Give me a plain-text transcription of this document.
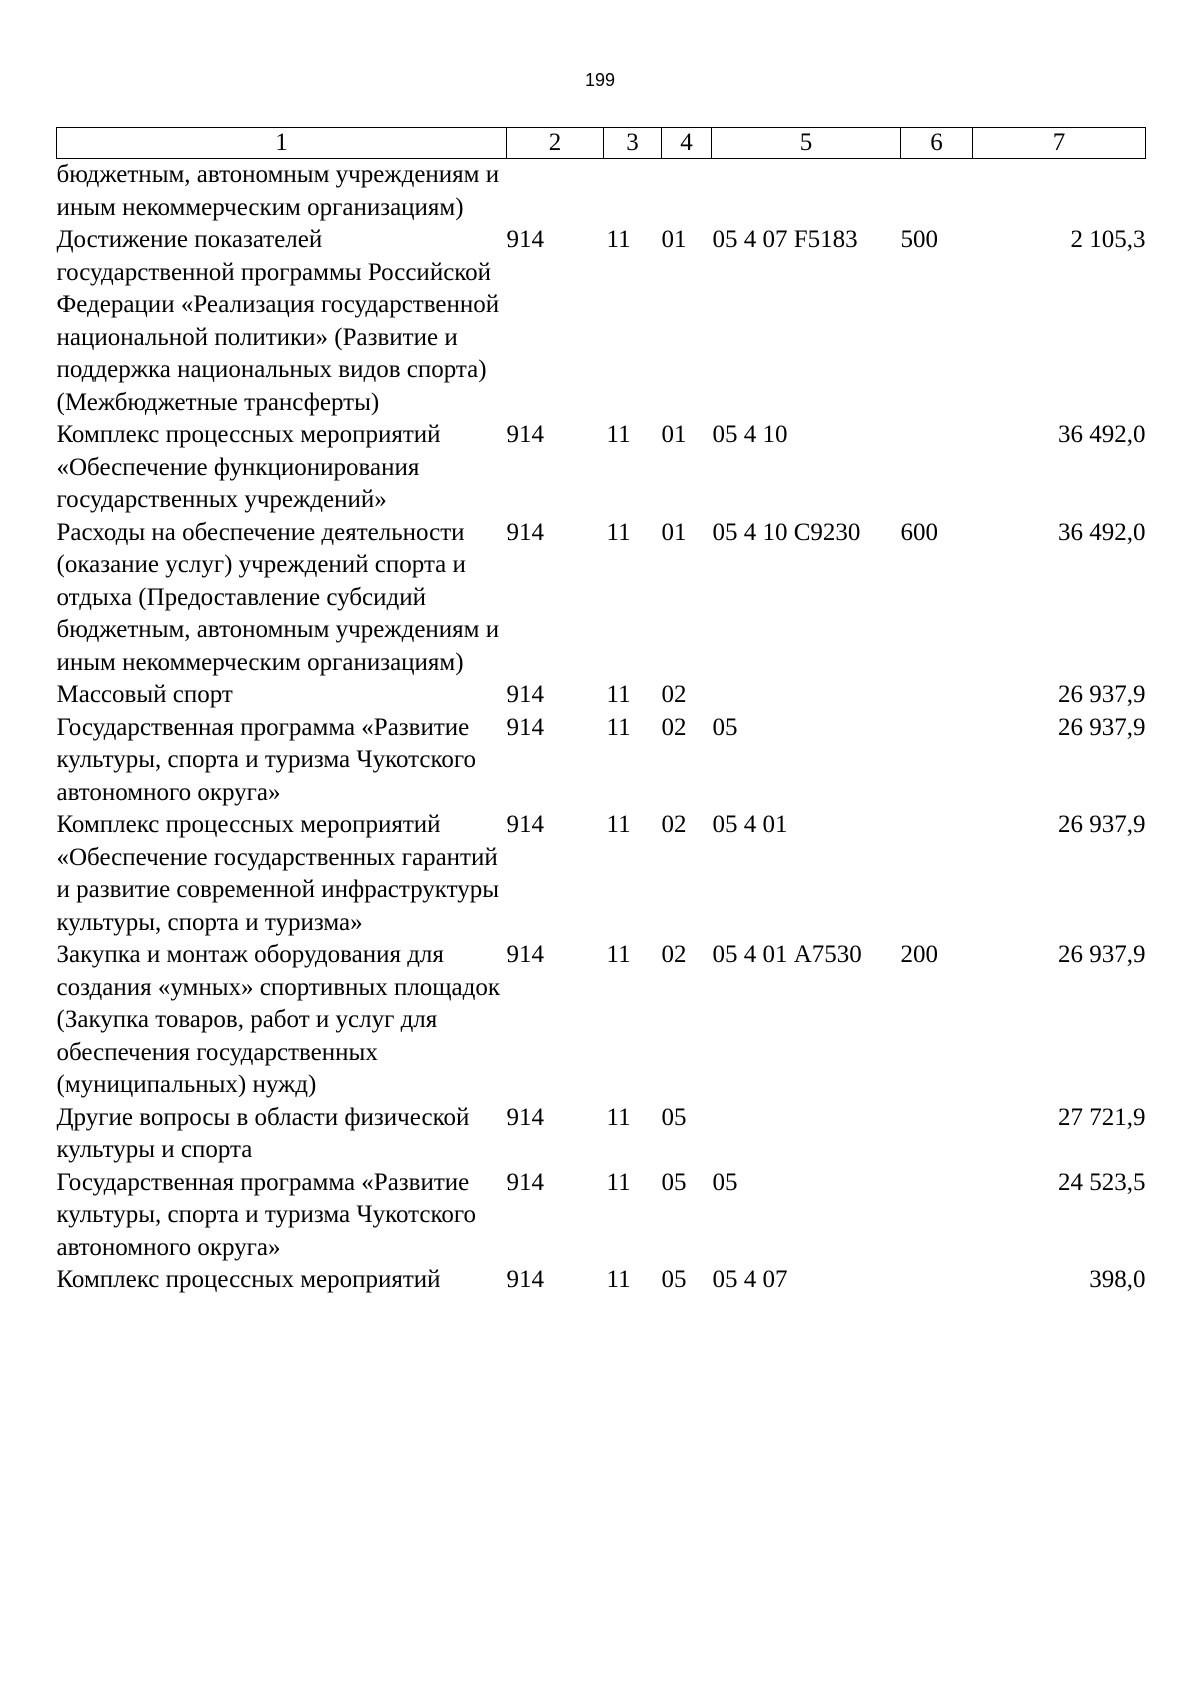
199
1	2	3	4	5	6	7
бюджетным, автономным учреждениям и иным некоммерческим организациям)						
Достижение показателей государственной программы Российской Федерации «Реализация государственной национальной политики» (Развитие и поддержка национальных видов спорта) (Межбюджетные трансферты)	914	11	01	05 4 07 F5183	500	2 105,3
Комплекс процессных мероприятий «Обеспечение функционирования государственных учреждений»	914	11	01	05 4 10		36 492,0
Расходы на обеспечение деятельности (оказание услуг) учреждений спорта и отдыха (Предоставление субсидий бюджетным, автономным учреждениям и иным некоммерческим организациям)	914	11	01	05 4 10 С9230	600	36 492,0
Массовый спорт	914	11	02			26 937,9
Государственная программа «Развитие культуры, спорта и туризма Чукотского автономного округа»	914	11	02	05		26 937,9
Комплекс процессных мероприятий «Обеспечение государственных гарантий и развитие современной инфраструктуры культуры, спорта и туризма»	914	11	02	05 4 01		26 937,9
Закупка и монтаж оборудования для создания «умных» спортивных площадок (Закупка товаров, работ и услуг для обеспечения государственных (муниципальных) нужд)	914	11	02	05 4 01 А7530	200	26 937,9
Другие вопросы в области физической культуры и спорта	914	11	05			27 721,9
Государственная программа «Развитие культуры, спорта и туризма Чукотского автономного округа»	914	11	05	05		24 523,5
Комплекс процессных мероприятий	914	11	05	05 4 07		398,0
